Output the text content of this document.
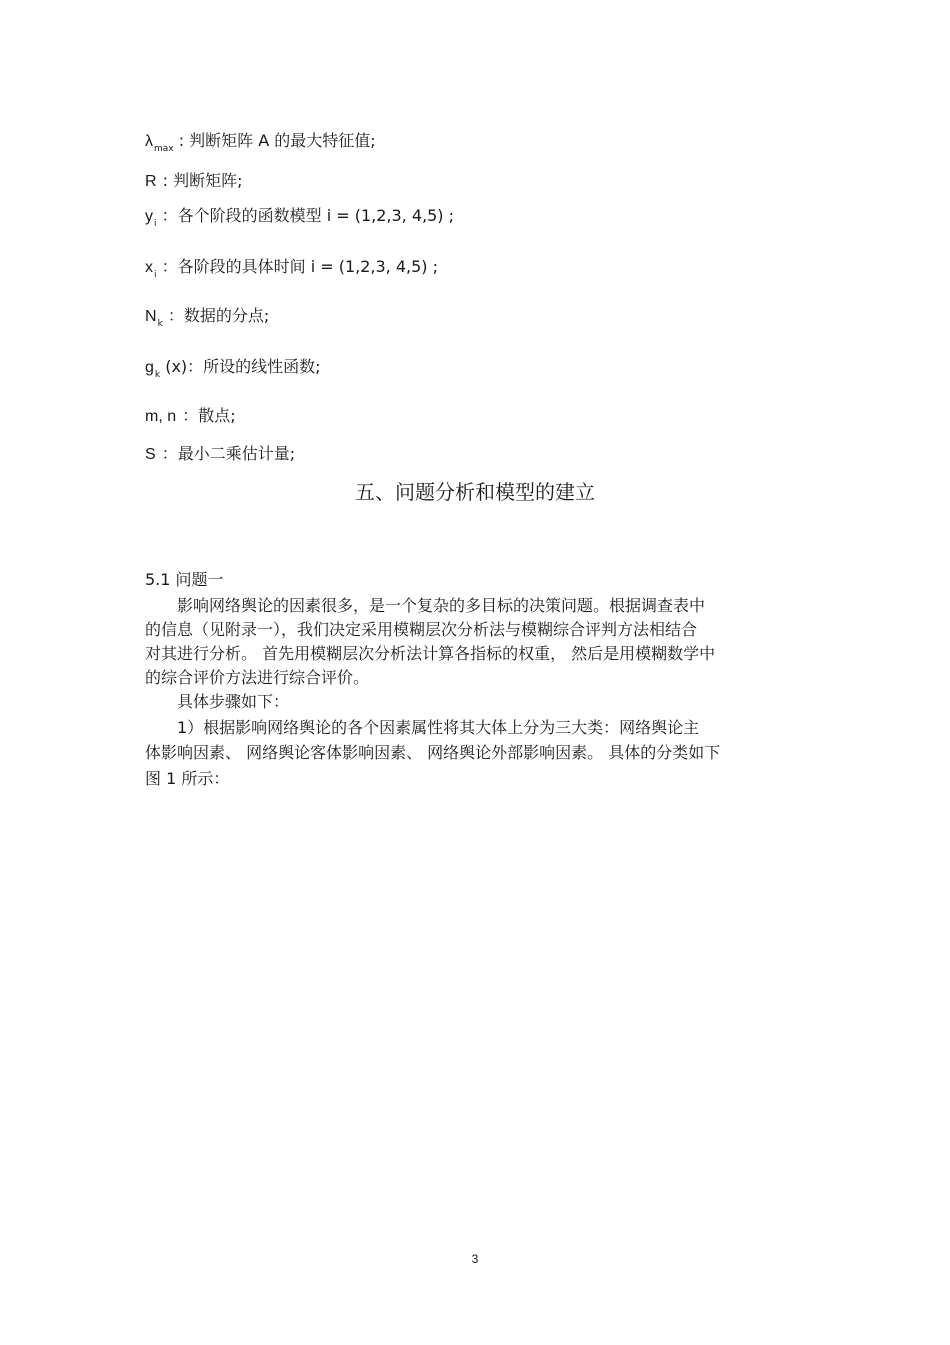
$\lambda_{max}$ : 判断矩阵 A 的最大特征值;
R : 判断矩阵;
$y_i$ ：各个阶段的函数模型 i = (1,2,3, 4,5) ;
$x_i$ ：各阶段的具体时间 i = (1,2,3, 4,5) ;
$N_k$ ：数据的分点;
$g_k$ (x)：所设的线性函数;
m, n ：散点;
S ：最小二乘估计量;
五、问题分析和模型的建立
5.1 问题一
影响网络舆论的因素很多，是一个复杂的多目标的决策问题。根据调查表中
的信息（见附录一），我们决定采用模糊层次分析法与模糊综合评判方法相结合
对其进行分析。 首先用模糊层次分析法计算各指标的权重， 然后是用模糊数学中
的综合评价方法进行综合评价。
具体步骤如下：
1）根据影响网络舆论的各个因素属性将其大体上分为三大类：网络舆论主
体影响因素、 网络舆论客体影响因素、 网络舆论外部影响因素。 具体的分类如下
图 1 所示：
3
